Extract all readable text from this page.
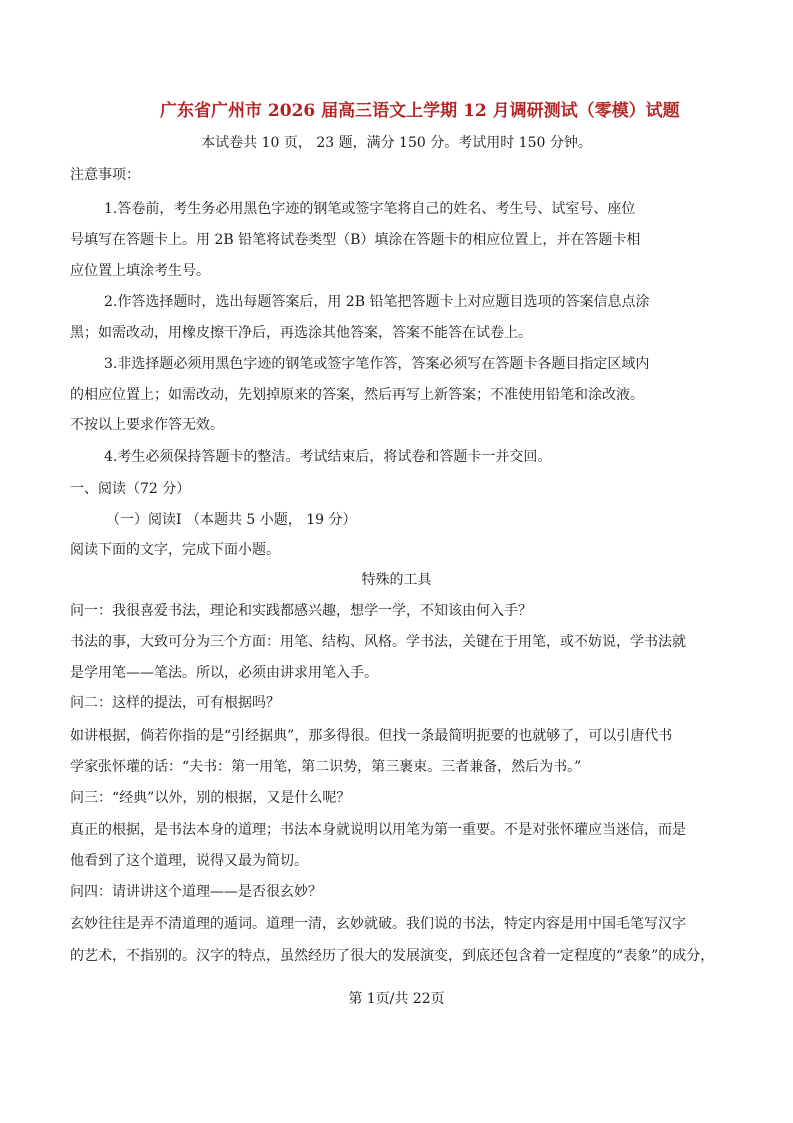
广东省广州市 2026 届高三语文上学期 12 月调研测试（零模）试题
本试卷共 10 页， 23 题，满分 150 分。考试用时 150 分钟。
注意事项：
1.答卷前，考生务必用黑色字迹的钢笔或签字笔将自己的姓名、考生号、试室号、座位
号填写在答题卡上。用 2B 铅笔将试卷类型（B）填涂在答题卡的相应位置上，并在答题卡相
应位置上填涂考生号。
2.作答选择题时，选出每题答案后，用 2B 铅笔把答题卡上对应题目选项的答案信息点涂
黑；如需改动，用橡皮擦干净后，再选涂其他答案，答案不能答在试卷上。
3.非选择题必须用黑色字迹的钢笔或签字笔作答，答案必须写在答题卡各题目指定区域内
的相应位置上；如需改动，先划掉原来的答案，然后再写上新答案；不准使用铅笔和涂改液。
不按以上要求作答无效。
4.考生必须保持答题卡的整洁。考试结束后，将试卷和答题卡一并交回。
一、阅读（72 分）
（一）阅读Ⅰ （本题共 5 小题， 19 分）
阅读下面的文字，完成下面小题。
特殊的工具
问一：我很喜爱书法，理论和实践都感兴趣，想学一学，不知该由何入手？
书法的事，大致可分为三个方面：用笔、结构、风格。学书法，关键在于用笔，或不妨说，学书法就
是学用笔——笔法。所以，必须由讲求用笔入手。
问二：这样的提法，可有根据吗？
如讲根据，倘若你指的是“引经据典”，那多得很。但找一条最简明扼要的也就够了，可以引唐代书
学家张怀瓘的话：“夫书：第一用笔，第二识势，第三裹束。三者兼备，然后为书。”
问三：“经典”以外，别的根据，又是什么呢？
真正的根据，是书法本身的道理；书法本身就说明以用笔为第一重要。不是对张怀瓘应当迷信，而是
他看到了这个道理，说得又最为简切。
问四：请讲讲这个道理——是否很玄妙？
玄妙往往是弄不清道理的遁词。道理一清，玄妙就破。我们说的书法，特定内容是用中国毛笔写汉字
的艺术，不指别的。汉字的特点，虽然经历了很大的发展演变，到底还包含着一定程度的“表象”的成分，
第 1页/共 22页
